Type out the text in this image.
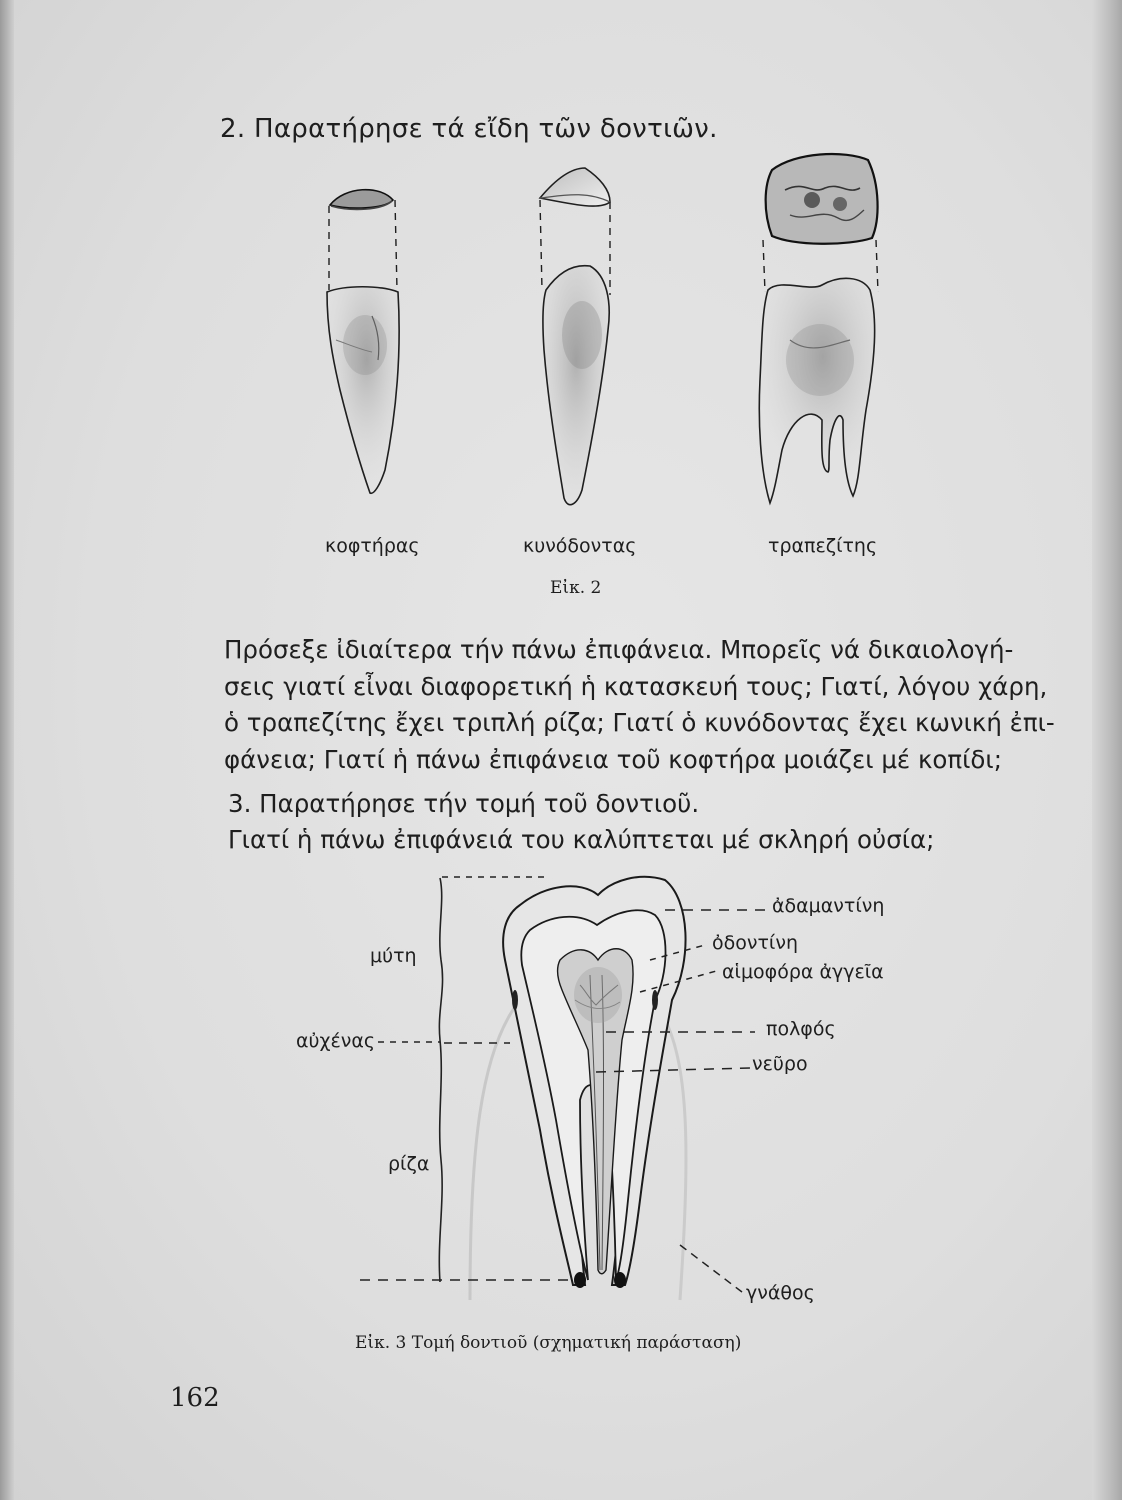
2. Παρατήρησε τά εἴδη τῶν δοντιῶν.
κοφτήρας	κυνόδοντας	τραπεζίτης
Εἰκ. 2
Πρόσεξε ἰδιαίτερα τήν πάνω ἐπιφάνεια. Μπορεῖς νά δικαιολογή-
σεις γιατί εἶναι διαφορετική ἡ κατασκευή τους; Γιατί, λόγου χάρη,
ὁ τραπεζίτης ἔχει τριπλή ρίζα; Γιατί ὁ κυνόδοντας ἔχει κωνική ἐπι-
φάνεια; Γιατί ἡ πάνω ἐπιφάνεια τοῦ κοφτήρα μοιάζει μέ κοπίδι;
3. Παρατήρησε τήν τομή τοῦ δοντιοῦ.
Γιατί ἡ πάνω ἐπιφάνειά του καλύπτεται μέ σκληρή οὐσία;
μύτη
αὐχένας
ρίζα
ἀδαμαντίνη
ὀδοντίνη
αἱμοφόρα ἀγγεῖα
πολφός
νεῦρο
γνάθος
Εἰκ. 3 Τομή δοντιοῦ (σχηματική παράσταση)
162
